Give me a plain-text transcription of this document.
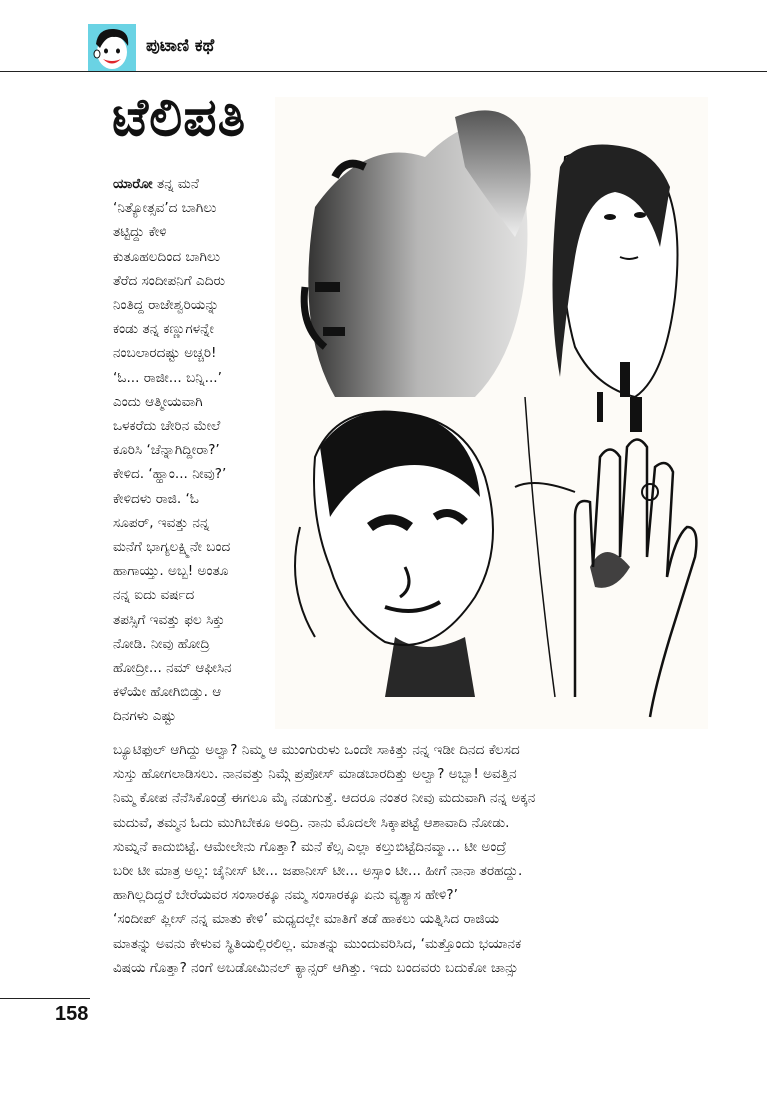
ಪುಟಾಣಿ ಕಥೆ
ಟೆಲಿಪತಿ

ಯಾರೋ ತನ್ನ ಮನೆ

‘ನಿತ್ಯೋತ್ಸವ’ದ ಬಾಗಿಲು

ತಟ್ಟಿದ್ದು ಕೇಳಿ

ಕುತೂಹಲದಿಂದ ಬಾಗಿಲು

ತೆರೆದ ಸಂದೀಪನಿಗೆ ಎದಿರು

ನಿಂತಿದ್ದ ರಾಜೇಶ್ವರಿಯನ್ನು

ಕಂಡು ತನ್ನ ಕಣ್ಣುಗಳನ್ನೇ

ನಂಬಲಾರದಷ್ಟು ಅಚ್ಚರಿ!

‘ಓ... ರಾಜೀ... ಬನ್ನಿ...’

ಎಂದು ಆತ್ಮೀಯವಾಗಿ

ಒಳಕರೆದು ಚೇರಿನ ಮೇಲೆ

ಕೂರಿಸಿ ‘ಚೆನ್ನಾಗಿದ್ದೀರಾ?’

ಕೇಳಿದ. ‘ಹ್ಹಾಂ... ನೀವು?’

ಕೇಳಿದಳು ರಾಜಿ. ‘ಓ

ಸೂಪರ್, ಇವತ್ತು ನನ್ನ

ಮನೆಗೆ ಭಾಗ್ಯಲಕ್ಷ್ಮಿನೇ ಬಂದ

ಹಾಗಾಯ್ತು. ಅಬ್ಬ! ಅಂತೂ

ನನ್ನ ಐದು ವರ್ಷದ

ತಪಸ್ಸಿಗೆ ಇವತ್ತು ಫಲ ಸಿಕ್ತು

ನೋಡಿ. ನೀವು ಹೋದ್ರಿ

ಹೋದ್ರೀ... ನಮ್ ಆಫೀಸಿನ

ಕಳೆಯೇ ಹೋಗಿಬಿಡ್ತು. ಆ

ದಿನಗಳು ಎಷ್ಟು

ಬ್ಯೂಟಿಫುಲ್ ಆಗಿದ್ದು ಅಲ್ವಾ? ನಿಮ್ಮ ಆ ಮುಂಗುರುಳು ಒಂದೇ ಸಾಕಿತ್ತು ನನ್ನ ಇಡೀ ದಿನದ ಕೆಲಸದ

ಸುಸ್ತು ಹೋಗಲಾಡಿಸಲು. ನಾನವತ್ತು ನಿಮ್ಗೆ ಪ್ರಪೋಸ್ ಮಾಡಬಾರದಿತ್ತು ಅಲ್ವಾ? ಅಬ್ಬಾ! ಅವತ್ತಿನ

ನಿಮ್ಮ ಕೋಪ ನೆನೆಸಿಕೊಂಡ್ರೆ ಈಗಲೂ ಮೈ ನಡುಗುತ್ತೆ. ಆದರೂ ನಂತರ ನೀವು ಮದುವಾಗಿ ನನ್ನ ಅಕ್ಕನ

ಮದುವೆ, ತಮ್ಮನ ಓದು ಮುಗಿಬೇಕೂ ಅಂದ್ರಿ. ನಾನು ಮೊದಲೇ ಸಿಕ್ಕಾಪಟ್ಟೆ ಆಶಾವಾದಿ ನೋಡು.

ಸುಮ್ನನೆ ಕಾದುಬಿಟ್ಟೆ. ಆಮೇಲೇನು ಗೊತ್ತಾ? ಮನೆ ಕೆಲ್ಸ ಎಲ್ಲಾ ಕಲ್ತುಬಿಟ್ಟೆದಿನವ್ಮಾ... ಟೀ ಅಂದ್ರೆ

ಬರೀ ಟೀ ಮಾತ್ರ ಅಲ್ಲ: ಚೈನೀಸ್ ಟೀ... ಜಪಾನೀಸ್ ಟೀ... ಅಸ್ಸಾಂ ಟೀ... ಹೀಗೆ ನಾನಾ ತರಹದ್ದು.

ಹಾಗಿಲ್ಲದಿದ್ದರೆ ಬೇರೆಯವರ ಸಂಸಾರಕ್ಕೂ ನಮ್ಮ ಸಂಸಾರಕ್ಕೂ ಏನು ವ್ಯತ್ಯಾಸ ಹೇಳಿ?’

‘ಸಂದೀಪ್ ಪ್ಲೀಸ್ ನನ್ನ ಮಾತು ಕೇಳಿ’ ಮಧ್ಯದಲ್ಲೇ ಮಾತಿಗೆ ತಡೆ ಹಾಕಲು ಯತ್ನಿಸಿದ ರಾಜಿಯ

ಮಾತನ್ನು ಅವನು ಕೇಳುವ ಸ್ಥಿತಿಯಲ್ಲಿರಲಿಲ್ಲ. ಮಾತನ್ನು ಮುಂದುವರಿಸಿದ, ‘ಮತ್ತೊಂದು ಭಯಾನಕ

ವಿಷಯ ಗೊತ್ತಾ? ನಂಗೆ ಅಬಡೋಮಿನಲ್ ಕ್ಯಾನ್ಸರ್ ಆಗಿತ್ತು. ಇದು ಬಂದವರು ಬದುಕೋ ಚಾನ್ಸು

158
